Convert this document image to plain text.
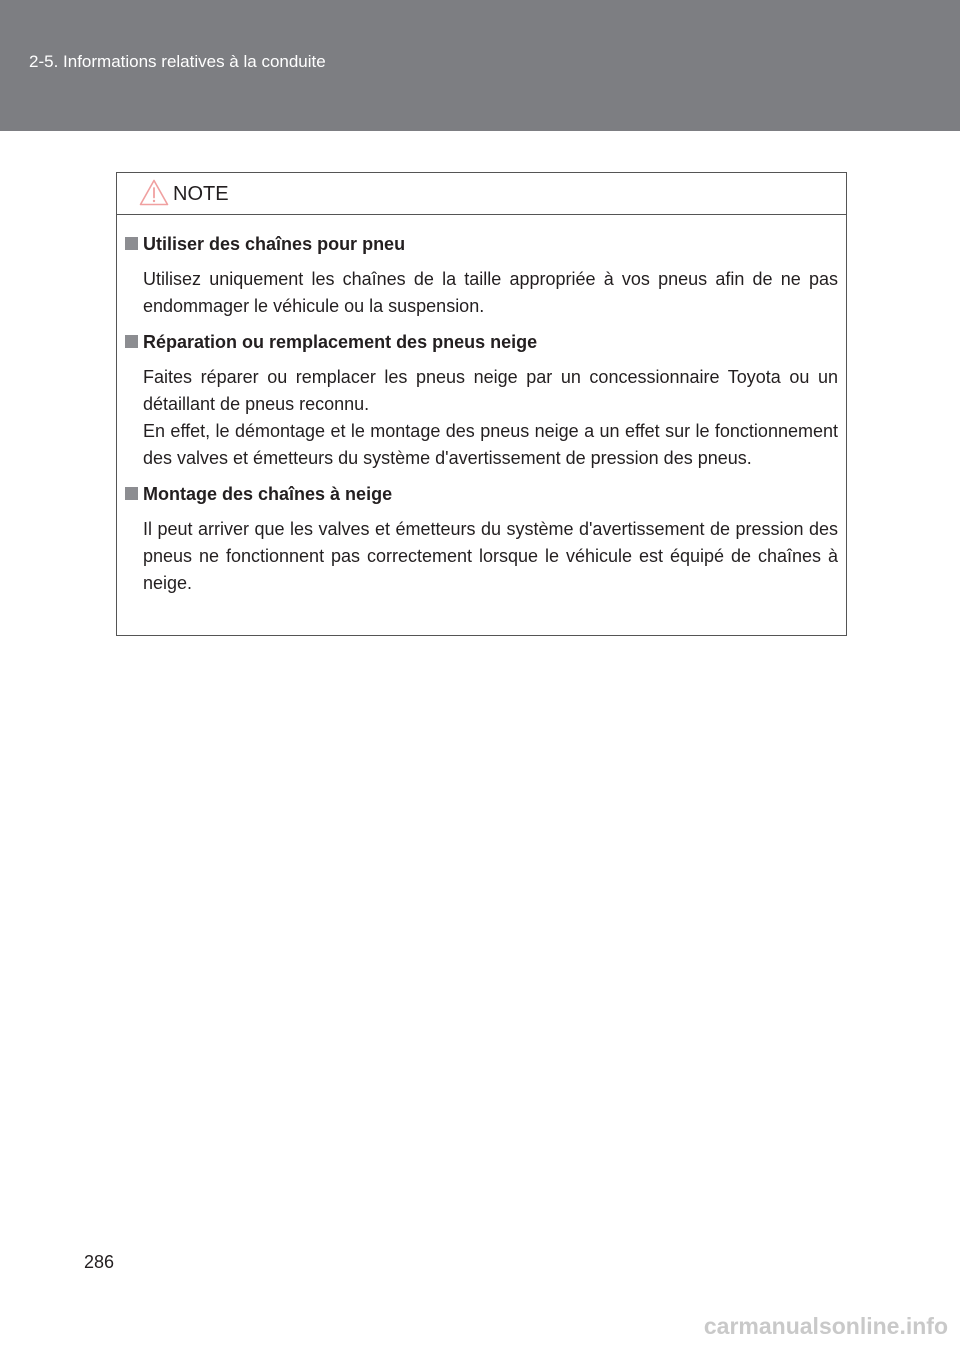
2-5. Informations relatives à la conduite
NOTE
Utiliser des chaînes pour pneu

Utilisez uniquement les chaînes de la taille appropriée à vos pneus afin de ne pas endommager le véhicule ou la suspension.

Réparation ou remplacement des pneus neige

Faites réparer ou remplacer les pneus neige par un concessionnaire Toyota ou un détaillant de pneus reconnu.

En effet, le démontage et le montage des pneus neige a un effet sur le fonctionnement des valves et émetteurs du système d'avertissement de pression des pneus.

Montage des chaînes à neige

Il peut arriver que les valves et émetteurs du système d'avertissement de pression des pneus ne fonctionnent pas correctement lorsque le véhicule est équipé de chaînes à neige.

286
carmanualsonline.info
